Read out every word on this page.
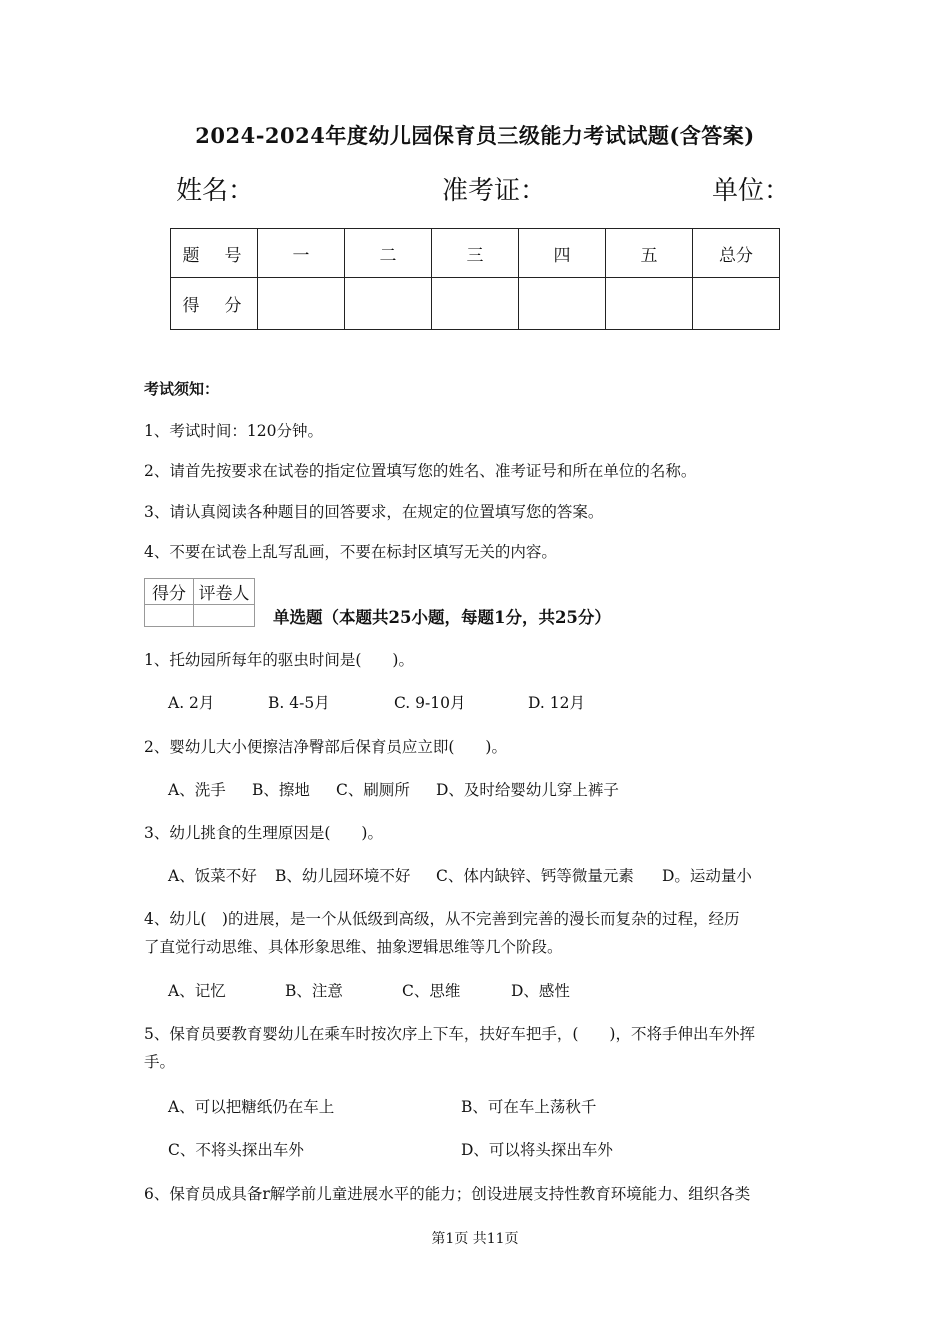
2024-2024年度幼儿园保育员三级能力考试试题(含答案)
姓名：	准考证：	单位：
题　号	一	二	三	四	五	总分
得　分						
考试须知：
1、考试时间：120分钟。
2、请首先按要求在试卷的指定位置填写您的姓名、准考证号和所在单位的名称。
3、请认真阅读各种题目的回答要求，在规定的位置填写您的答案。
4、不要在试卷上乱写乱画，不要在标封区填写无关的内容。
得分	评卷人

单选题（本题共25小题，每题1分，共25分）
1、托幼园所每年的驱虫时间是(　　)。
A. 2月	B. 4-5月	C. 9-10月	D. 12月
2、婴幼儿大小便擦洁净臀部后保育员应立即(　　)。
A、洗手 B、擦地 C、刷厕所 D、及时给婴幼儿穿上裤子
3、幼儿挑食的生理原因是(　　)。
A、饭菜不好 B、幼儿园环境不好 C、体内缺锌、钙等微量元素 D。运动量小
4、幼儿(　)的进展，是一个从低级到高级，从不完善到完善的漫长而复杂的过程，经历
了直觉行动思维、具体形象思维、抽象逻辑思维等几个阶段。
A、记忆	B、注意	C、思维	D、感性
5、保育员要教育婴幼儿在乘车时按次序上下车，扶好车把手，(　　)，不将手伸出车外挥
手。
A、可以把糖纸仍在车上	B、可在车上荡秋千
C、不将头探出车外	D、可以将头探出车外
6、保育员成具备r解学前儿童进展水平的能力；创设进展支持性教育环境能力、组织各类
第1页 共11页
